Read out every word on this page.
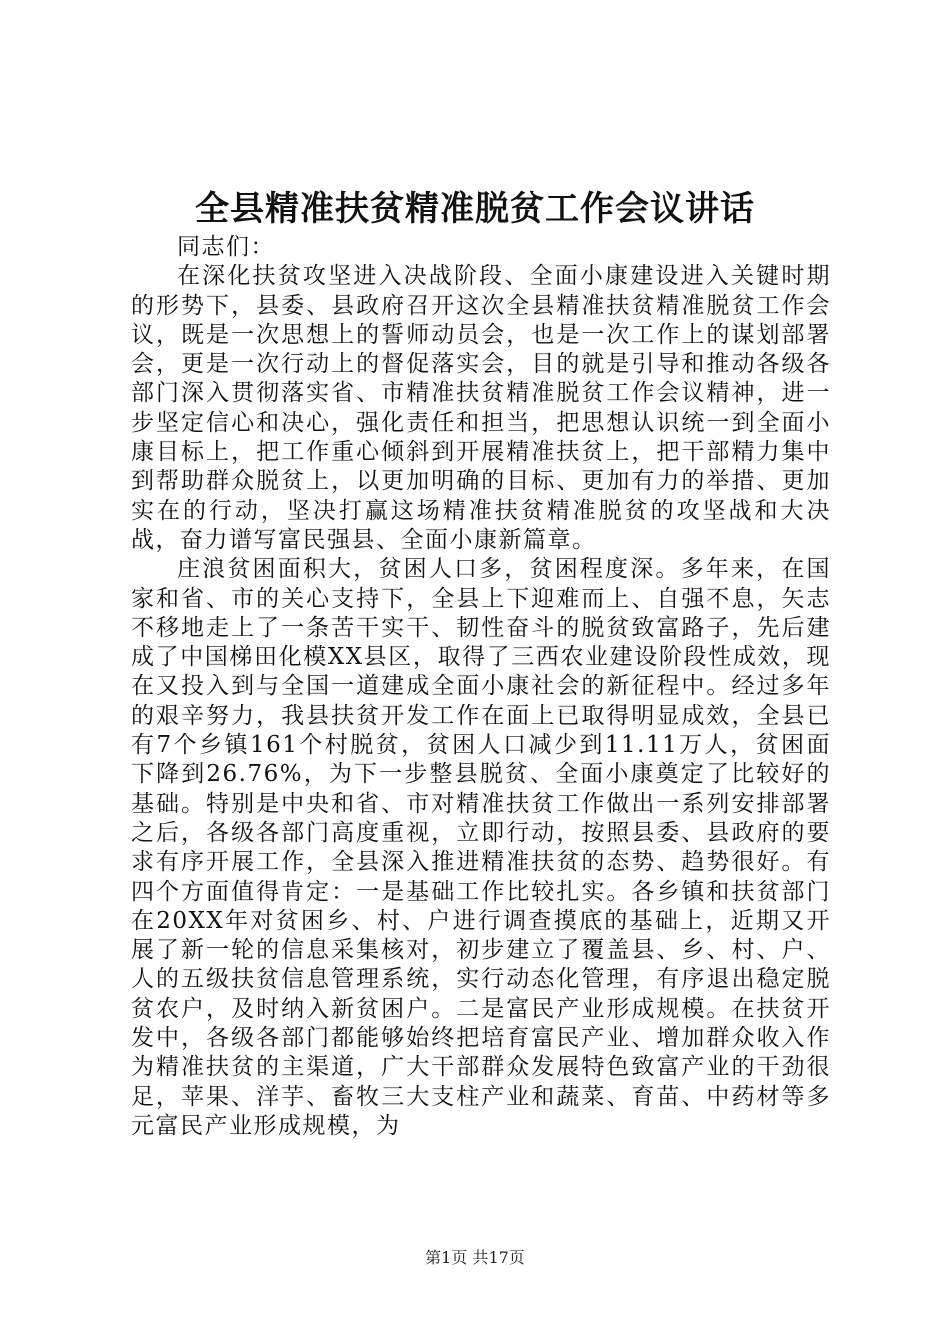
全县精准扶贫精准脱贫工作会议讲话

同志们：

在深化扶贫攻坚进入决战阶段、全面小康建设进入关键时期的形势下，县委、县政府召开这次全县精准扶贫精准脱贫工作会议，既是一次思想上的誓师动员会，也是一次工作上的谋划部署会，更是一次行动上的督促落实会，目的就是引导和推动各级各部门深入贯彻落实省、市精准扶贫精准脱贫工作会议精神，进一步坚定信心和决心，强化责任和担当，把思想认识统一到全面小康目标上，把工作重心倾斜到开展精准扶贫上，把干部精力集中到帮助群众脱贫上，以更加明确的目标、更加有力的举措、更加实在的行动，坚决打赢这场精准扶贫精准脱贫的攻坚战和大决战，奋力谱写富民强县、全面小康新篇章。

庄浪贫困面积大，贫困人口多，贫困程度深。多年来，在国家和省、市的关心支持下，全县上下迎难而上、自强不息，矢志不移地走上了一条苦干实干、韧性奋斗的脱贫致富路子，先后建成了中国梯田化模XX县区，取得了三西农业建设阶段性成效，现在又投入到与全国一道建成全面小康社会的新征程中。经过多年的艰辛努力，我县扶贫开发工作在面上已取得明显成效，全县已有7个乡镇161个村脱贫，贫困人口减少到11.11万人，贫困面下降到26.76%，为下一步整县脱贫、全面小康奠定了比较好的基础。特别是中央和省、市对精准扶贫工作做出一系列安排部署之后，各级各部门高度重视，立即行动，按照县委、县政府的要求有序开展工作，全县深入推进精准扶贫的态势、趋势很好。有四个方面值得肯定：一是基础工作比较扎实。各乡镇和扶贫部门在20XX年对贫困乡、村、户进行调查摸底的基础上，近期又开展了新一轮的信息采集核对，初步建立了覆盖县、乡、村、户、人的五级扶贫信息管理系统，实行动态化管理，有序退出稳定脱贫农户，及时纳入新贫困户。二是富民产业形成规模。在扶贫开发中，各级各部门都能够始终把培育富民产业、增加群众收入作为精准扶贫的主渠道，广大干部群众发展特色致富产业的干劲很足，苹果、洋芋、畜牧三大支柱产业和蔬菜、育苗、中药材等多元富民产业形成规模，为

第1页 共17页
